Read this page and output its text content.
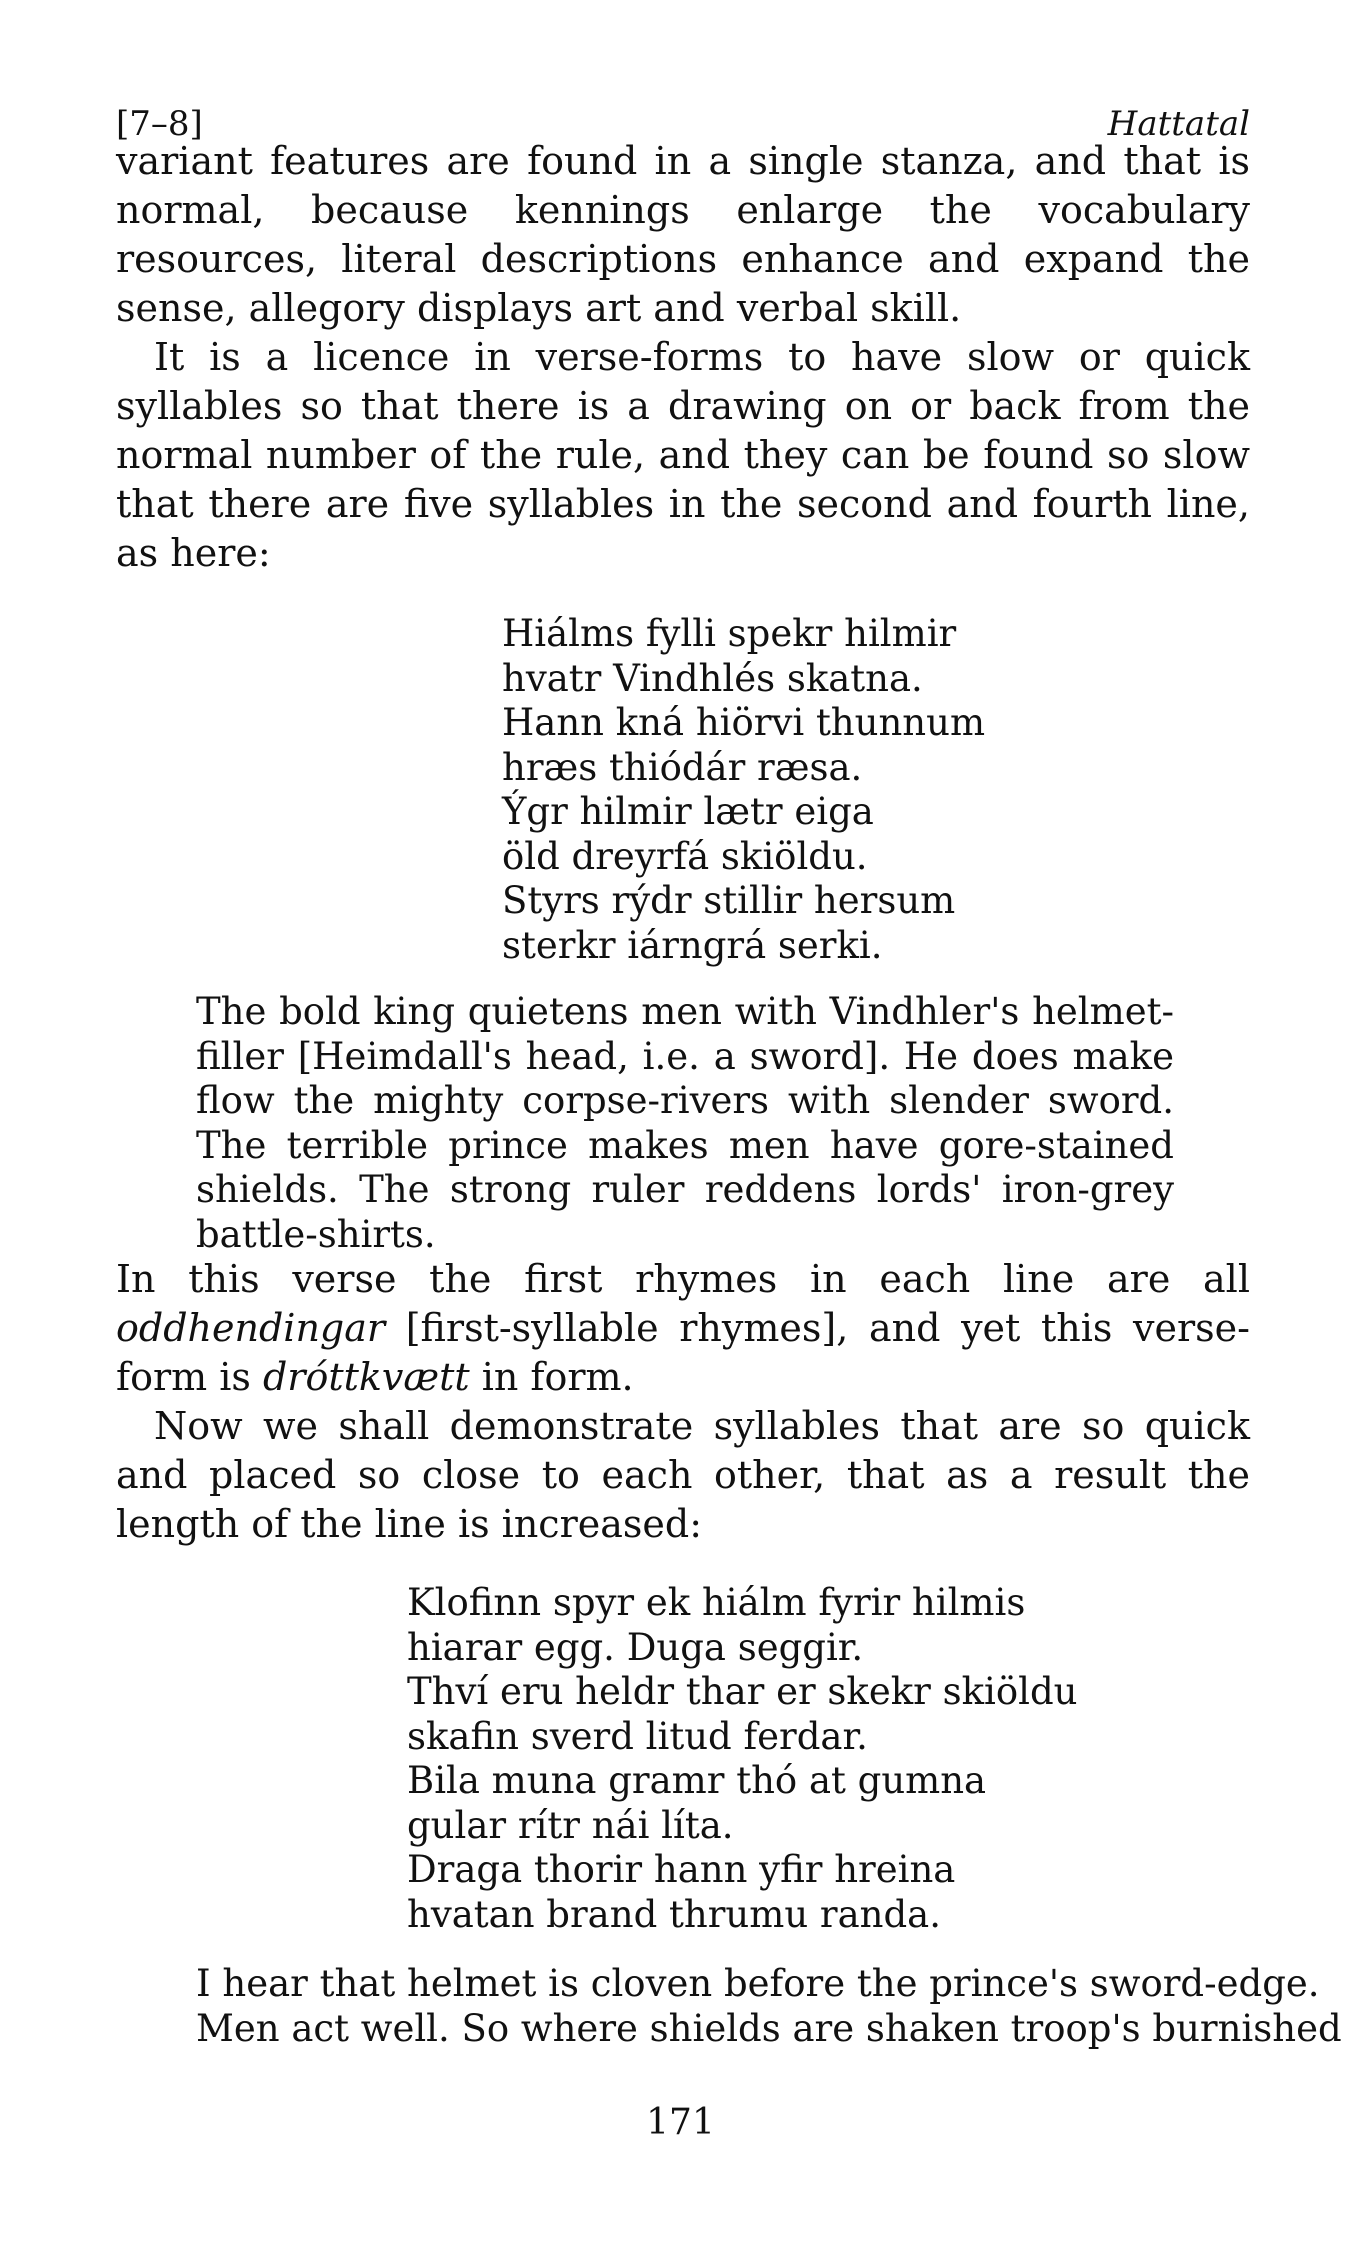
[7–8]	Hattatal

variant features are found in a single stanza, and that is normal, because kennings enlarge the vocabulary resources, literal descriptions enhance and expand the sense, allegory displays art and verbal skill.

It is a licence in verse-forms to have slow or quick syllables so that there is a drawing on or back from the normal number of the rule, and they can be found so slow that there are five syllables in the second and fourth line, as here:

Hiálms fylli spekr hilmir
hvatr Vindhlés skatna.
Hann kná hiörvi thunnum
hræs thiódár ræsa.
Ýgr hilmir lætr eiga
öld dreyrfá skiöldu.
Styrs rýdr stillir hersum
sterkr iárngrá serki.

The bold king quietens men with Vindhler's helmet-filler [Heimdall's head, i.e. a sword]. He does make flow the mighty corpse-rivers with slender sword. The terrible prince makes men have gore-stained shields. The strong ruler reddens lords' iron-grey battle-shirts.

In this verse the first rhymes in each line are all oddhendingar [first-syllable rhymes], and yet this verse-form is dróttkvætt in form.

Now we shall demonstrate syllables that are so quick and placed so close to each other, that as a result the length of the line is increased:

Klofinn spyr ek hiálm fyrir hilmis
hiarar egg. Duga seggir.
Thví eru heldr thar er skekr skiöldu
skafin sverd litud ferdar.
Bila muna gramr thó at gumna
gular rítr nái líta.
Draga thorir hann yfir hreina
hvatan brand thrumu randa.
I hear that helmet is cloven before the prince's sword-edge.
Men act well. So where shields are shaken troop's burnished
171
